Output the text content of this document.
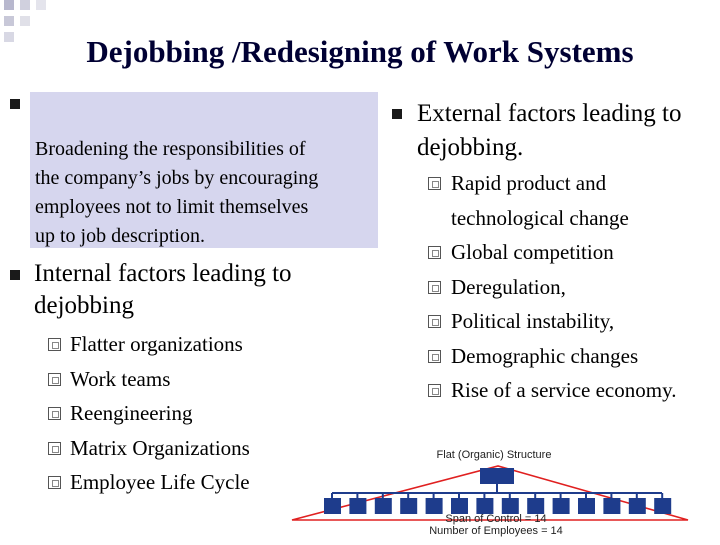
Dejobbing /Redesigning of Work Systems
Broadening the responsibilities of
the company’s jobs by encouraging
employees not to limit themselves
up to job description.
Internal factors leading to
dejobbing
Flatter organizations
Work teams
Reengineering
Matrix Organizations
Employee Life Cycle
External factors leading to
dejobbing.
Rapid product and
technological change
Global competition
Deregulation,
Political instability,
Demographic changes
Rise of a service economy.
Flat (Organic) Structure
Span of Control = 14
Number of Employees = 14
